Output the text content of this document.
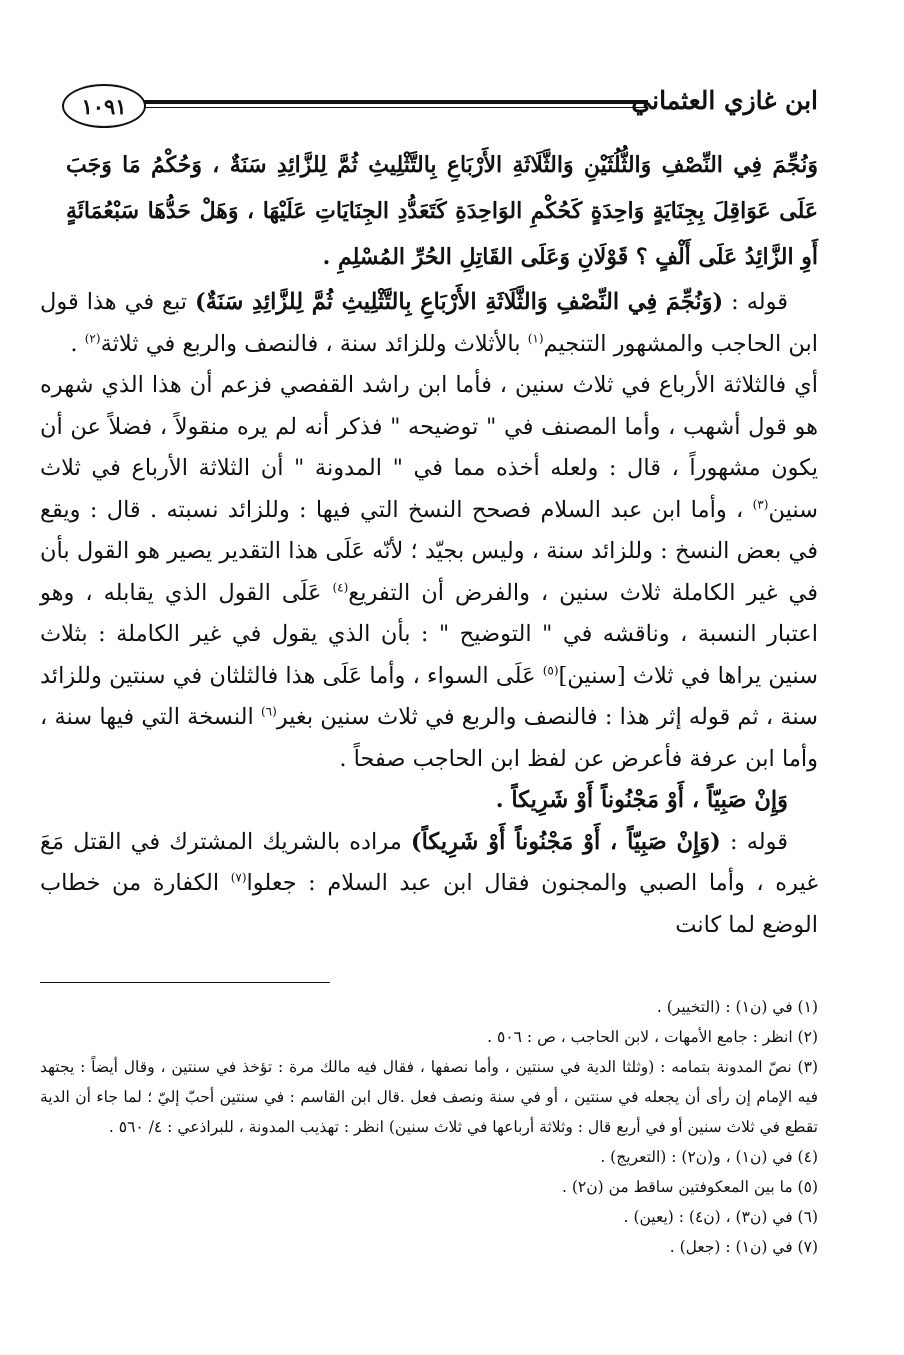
١٠٩١	ابن غازي العثماني
وَنُجِّمَ فِي النِّصْفِ وَالثُّلُثَيْنِ وَالثَّلَاثَةِ الأَرْبَاعِ بِالتَّثْلِيثِ ثُمَّ لِلزَّائِدِ سَنَةٌ ، وَحُكْمُ مَا وَجَبَ عَلَى عَوَاقِلَ بِجِنَايَةٍ وَاحِدَةٍ كَحُكْمِ الوَاحِدَةِ كَتَعَدُّدِ الجِنَايَاتِ عَلَيْهَا ، وَهَلْ حَدُّهَا سَبْعُمَائَةٍ أَوِ الزَّائِدُ عَلَى أَلْفٍ ؟ قَوْلَانِ وَعَلَى القَاتِلِ الحُرِّ المُسْلِمِ .

قوله : (وَنُجِّمَ فِي النِّصْفِ وَالثَّلَاثَةِ الأَرْبَاعِ بِالتَّثْلِيثِ ثُمَّ لِلزَّائِدِ سَنَةٌ) تبع في هذا قول ابن الحاجب والمشهور التنجيم$^{(١)}$ بالأثلاث وللزائد سنة ، فالنصف والربع في ثلاثة$^{(٢)}$ .

أي فالثلاثة الأرباع في ثلاث سنين ، فأما ابن راشد القفصي فزعم أن هذا الذي شهره هو قول أشهب ، وأما المصنف في " توضيحه " فذكر أنه لم يره منقولاً ، فضلاً عن أن يكون مشهوراً ، قال : ولعله أخذه مما في " المدونة " أن الثلاثة الأرباع في ثلاث سنين$^{(٣)}$ ، وأما ابن عبد السلام فصحح النسخ التي فيها : وللزائد نسبته . قال : ويقع في بعض النسخ : وللزائد سنة ، وليس بجيّد ؛ لأنّه عَلَى هذا التقدير يصير هو القول بأن في غير الكاملة ثلاث سنين ، والفرض أن التفريع$^{(٤)}$ عَلَى القول الذي يقابله ، وهو اعتبار النسبة ، وناقشه في " التوضيح " : بأن الذي يقول في غير الكاملة : بثلاث سنين يراها في ثلاث [سنين]$^{(٥)}$ عَلَى السواء ، وأما عَلَى هذا فالثلثان في سنتين وللزائد سنة ، ثم قوله إثر هذا : فالنصف والربع في ثلاث سنين بغير$^{(٦)}$ النسخة التي فيها سنة ، وأما ابن عرفة فأعرض عن لفظ ابن الحاجب صفحاً .

وَإِنْ صَبِيّاً ، أَوْ مَجْنُوناً أَوْ شَرِيكاً .

قوله : (وَإِنْ صَبِيّاً ، أَوْ مَجْنُوناً أَوْ شَرِيكاً) مراده بالشريك المشترك في القتل مَعَ غيره ، وأما الصبي والمجنون فقال ابن عبد السلام : جعلوا$^{(٧)}$ الكفارة من خطاب الوضع لما كانت

(١) في (ن١) : (التخيير) .

(٢) انظر : جامع الأمهات ، لابن الحاجب ، ص : ٥٠٦ .

(٣) نصّ المدونة بتمامه : (وثلثا الدية في سنتين ، وأما نصفها ، فقال فيه مالك مرة : تؤخذ في سنتين ، وقال أيضاً : يجتهد فيه الإمام إن رأى أن يجعله في سنتين ، أو في سنة ونصف فعل .قال ابن القاسم : في سنتين أحبّ إليّ ؛ لما جاء أن الدية تقطع في ثلاث سنين أو في أربع قال : وثلاثة أرباعها في ثلاث سنين) انظر : تهذيب المدونة ، للبراذعي : ٤/ ٥٦٠ .

(٤) في (ن١) ، و(ن٢) : (التعريج) .

(٥) ما بين المعكوفتين ساقط من (ن٢) .

(٦) في (ن٣) ، (ن٤) : (يعين) .

(٧) في (ن١) : (جعل) .
